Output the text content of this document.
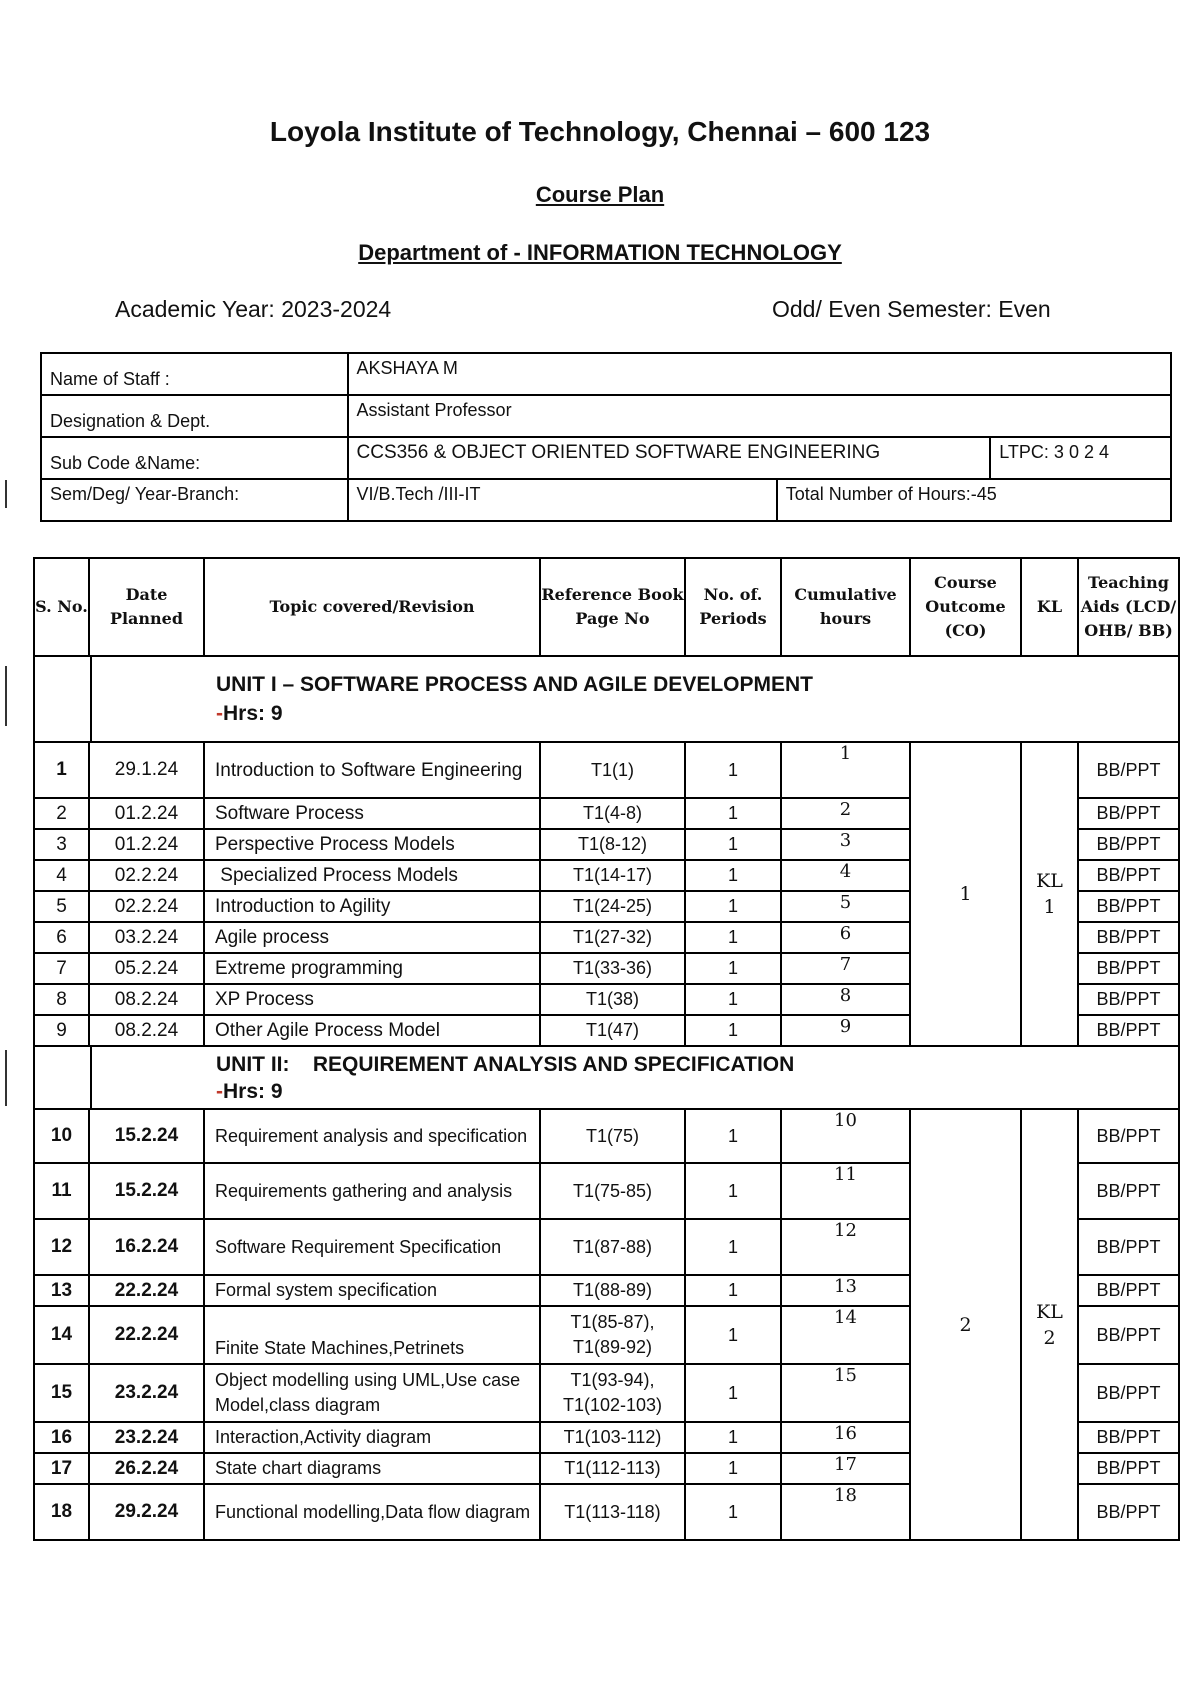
Loyola Institute of Technology, Chennai – 600 123
Course Plan
Department of - INFORMATION TECHNOLOGY
Academic Year: 2023-2024	Odd/ Even Semester: Even
Name of Staff :	AKSHAYA M		
Designation & Dept.	Assistant Professor		
Sub Code &Name:	CCS356 & OBJECT ORIENTED SOFTWARE ENGINEERING		LTPC: 3 0 2 4
Sem/Deg/ Year-Branch:	VI/B.Tech /III-IT	Total Number of Hours:-45	
S. No.	Date Planned	Topic covered/Revision	Reference Book Page No	No. of. Periods	Cumulative hours	Course Outcome (CO)	KL	Teaching Aids (LCD/ OHB/ BB)

		UNIT I – SOFTWARE PROCESS AND AGILE DEVELOPMENT
-Hrs: 9						

1	29.1.24	Introduction to Software Engineering	T1(1)	1	1	1	KL 1	BB/PPT
2	01.2.24	Software Process	T1(4-8)	1	2			BB/PPT
3	01.2.24	Perspective Process Models	T1(8-12)	1	3			BB/PPT
4	02.2.24	Specialized Process Models	T1(14-17)	1	4			BB/PPT
5	02.2.24	Introduction to Agility	T1(24-25)	1	5			BB/PPT
6	03.2.24	Agile process	T1(27-32)	1	6			BB/PPT
7	05.2.24	Extreme programming	T1(33-36)	1	7			BB/PPT
8	08.2.24	XP Process	T1(38)	1	8			BB/PPT
9	08.2.24	Other Agile Process Model	T1(47)	1	9			BB/PPT

		UNIT II:    REQUIREMENT ANALYSIS AND SPECIFICATION
-Hrs: 9						

10	15.2.24	Requirement analysis and specification	T1(75)	1	10	2	KL 2	BB/PPT
11	15.2.24	Requirements gathering and analysis	T1(75-85)	1	11			BB/PPT
12	16.2.24	Software Requirement Specification	T1(87-88)	1	12			BB/PPT
13	22.2.24	Formal system specification	T1(88-89)	1	13			BB/PPT
14	22.2.24	Finite State Machines,Petrinets	T1(85-87),
T1(89-92)	1	14			BB/PPT
15	23.2.24	Object modelling using UML,Use case Model,class diagram	T1(93-94),
T1(102-103)	1	15			BB/PPT
16	23.2.24	Interaction,Activity diagram	T1(103-112)	1	16			BB/PPT
17	26.2.24	State chart diagrams	T1(112-113)	1	17			BB/PPT
18	29.2.24	Functional modelling,Data flow diagram	T1(113-118)	1	18			BB/PPT
